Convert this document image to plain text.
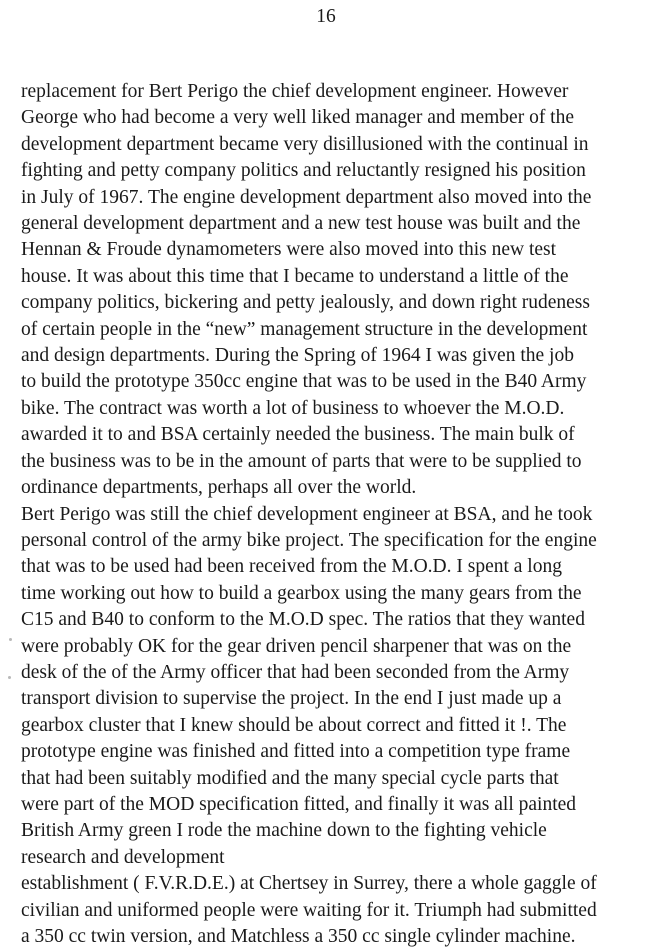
16
replacement for Bert Perigo the chief development engineer. However
George who had become a very well liked manager and member of the
development department became very disillusioned with the continual in
fighting and petty company politics and reluctantly resigned his position
in July of 1967. The engine development department also moved into the
general development department and a new test house was built and the
Hennan & Froude dynamometers were also moved into this new test
house. It was about this time that I became to understand a little of the
company politics, bickering and petty jealously, and down right rudeness
of certain people in the “new” management structure in the development
and design departments. During the Spring of 1964 I was given the job
to build the prototype 350cc engine that was to be used in the B40 Army
bike. The contract was worth a lot of business to whoever the M.O.D.
awarded it to and BSA certainly needed the business. The main bulk of
the business was to be in the amount of parts that were to be supplied to
ordinance departments, perhaps all over the world.
Bert Perigo was still the chief development engineer at BSA, and he took
personal control of the army bike project. The specification for the engine
that was to be used had been received from the M.O.D. I spent a long
time working out how to build a gearbox using the many gears from the
C15 and B40 to conform to the M.O.D spec. The ratios that they wanted
were probably OK for the gear driven pencil sharpener that was on the
desk of the of the Army officer that had been seconded from the Army
transport division to supervise the project. In the end I just made up a
gearbox cluster that I knew should be about correct and fitted it !. The
prototype engine was finished and fitted into a competition type frame
that had been suitably modified and the many special cycle parts that
were part of the MOD specification fitted, and finally it was all painted
British Army green I rode the machine down to the fighting vehicle
research and development
establishment ( F.V.R.D.E.) at Chertsey in Surrey, there a whole gaggle of
civilian and uniformed people were waiting for it. Triumph had submitted
a 350 cc twin version, and Matchless a 350 cc single cylinder machine.
